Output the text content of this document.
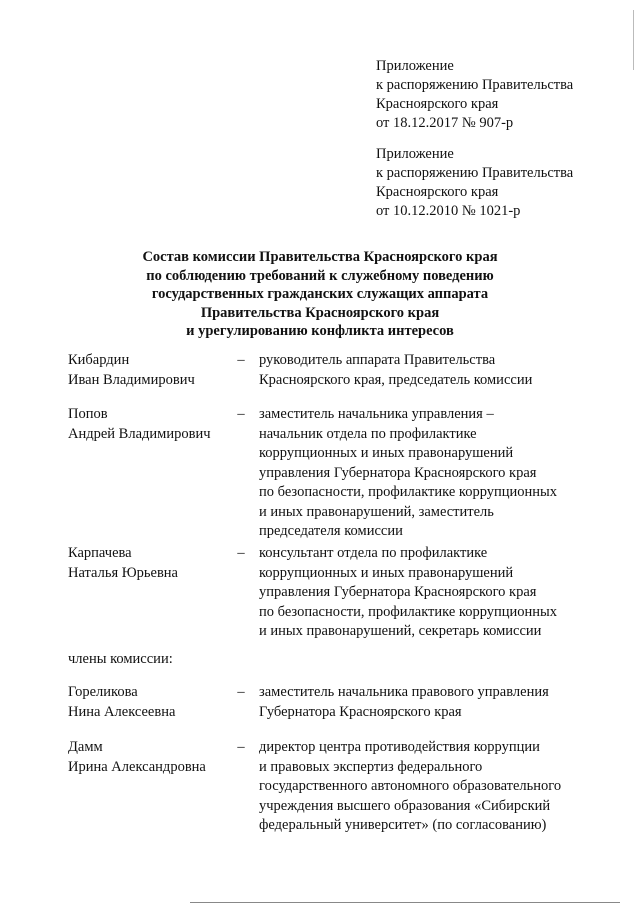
Приложение
к распоряжению Правительства
Красноярского края
от 18.12.2017 № 907-р
Приложение
к распоряжению Правительства
Красноярского края
от 10.12.2010 № 1021-р
Состав комиссии Правительства Красноярского края
по соблюдению требований к служебному поведению
государственных гражданских служащих аппарата
Правительства Красноярского края
и урегулированию конфликта интересов
Кибардин
Иван Владимирович
– руководитель аппарата Правительства
Красноярского края, председатель комиссии
Попов
Андрей Владимирович
– заместитель начальника управления –
начальник отдела по профилактике
коррупционных и иных правонарушений
управления Губернатора Красноярского края
по безопасности, профилактике коррупционных
и иных правонарушений, заместитель
председателя комиссии
Карпачева
Наталья Юрьевна
– консультант отдела по профилактике
коррупционных и иных правонарушений
управления Губернатора Красноярского края
по безопасности, профилактике коррупционных
и иных правонарушений, секретарь комиссии
члены комиссии:
Гореликова
Нина Алексеевна
– заместитель начальника правового управления
Губернатора Красноярского края
Дамм
Ирина Александровна
– директор центра противодействия коррупции
и правовых экспертиз федерального
государственного автономного образовательного
учреждения высшего образования «Сибирский
федеральный университет» (по согласованию)
